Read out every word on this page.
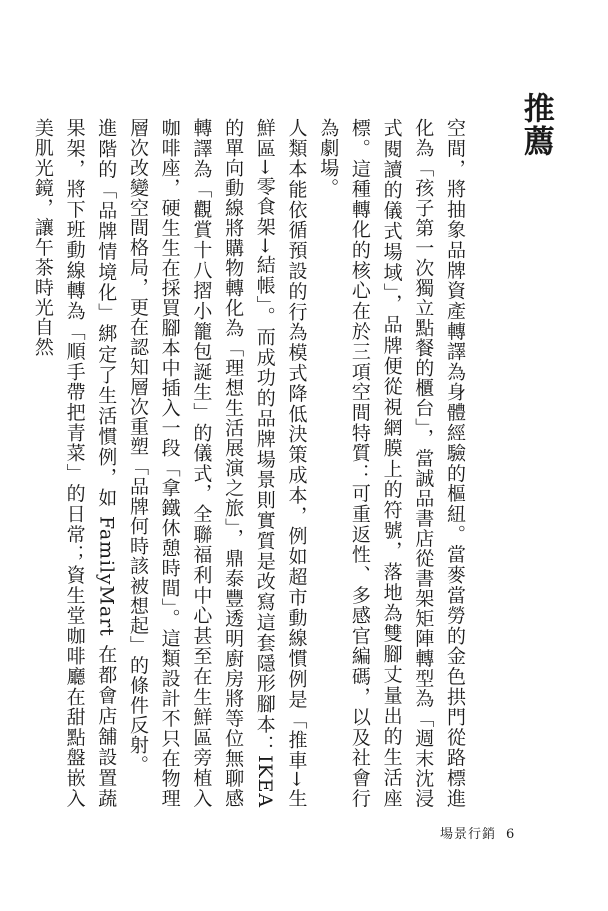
推薦

空間，將抽象品牌資產轉譯為身體經驗的樞紐。當麥當勞的金色拱門從路標進化為「孩子第一次獨立點餐的櫃台」，當誠品書店從書架矩陣轉型為「週末沈浸式閱讀的儀式場域」，品牌便從視網膜上的符號，落地為雙腳丈量出的生活座標。這種轉化的核心在於三項空間特質：可重返性、多感官編碼，以及社會行為劇場。

人類本能依循預設的行為模式降低決策成本，例如超市動線慣例是「推車→生鮮區→零食架→結帳」。而成功的品牌場景則實質是改寫這套隱形腳本：IKEA 的單向動線將購物轉化為「理想生活展演之旅」，鼎泰豐透明廚房將等位無聊感轉譯為「觀賞十八摺小籠包誕生」的儀式，全聯福利中心甚至在生鮮區旁植入咖啡座，硬生生在採買腳本中插入一段「拿鐵休憩時間」。這類設計不只在物理層次改變空間格局，更在認知層次重塑「品牌何時該被想起」的條件反射。

進階的「品牌情境化」綁定了生活慣例，如 FamilyMart 在都會店舖設置蔬果架，將下班動線轉為「順手帶把青菜」的日常；資生堂咖啡廳在甜點盤嵌入美肌光鏡，讓午茶時光自然

場景行銷 6
